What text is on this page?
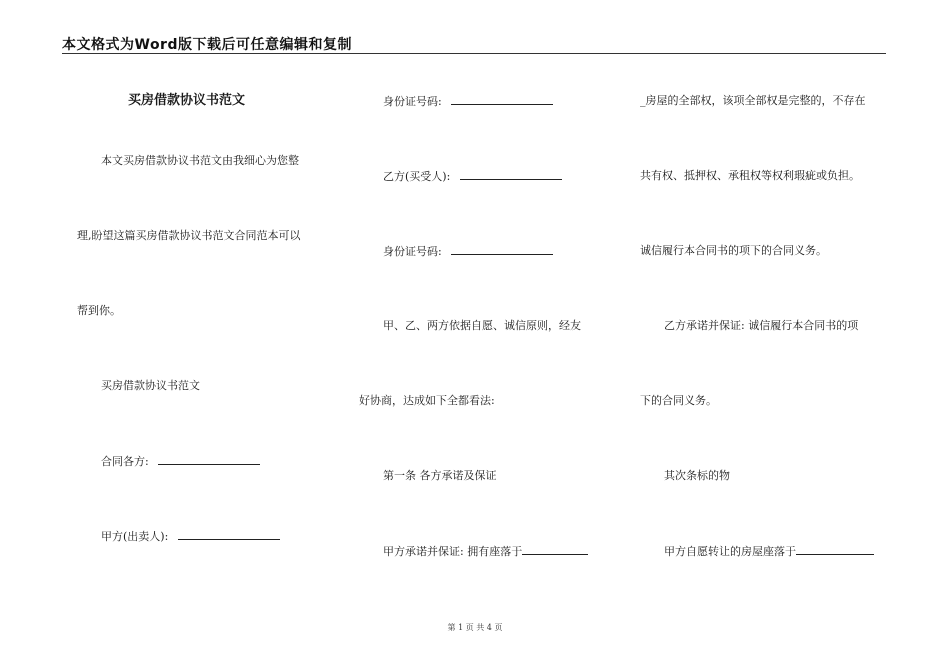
本文格式为Word版下载后可任意编辑和复制
买房借款协议书范文
本文买房借款协议书范文由我细心为您整
理,盼望这篇买房借款协议书范文合同范本可以
帮到你。
买房借款协议书范文
合同各方:
甲方(出卖人):
身份证号码:
乙方(买受人):
身份证号码:
甲、乙、两方依据自愿、诚信原则，经友
好协商，达成如下全都看法:
第一条 各方承诺及保证
甲方承诺并保证: 拥有座落于
_房屋的全部权，该项全部权是完整的，不存在
共有权、抵押权、承租权等权利瑕疵或负担。
诚信履行本合同书的项下的合同义务。
乙方承诺并保证: 诚信履行本合同书的项
下的合同义务。
其次条标的物
甲方自愿转让的房屋座落于
第 1 页 共 4 页
